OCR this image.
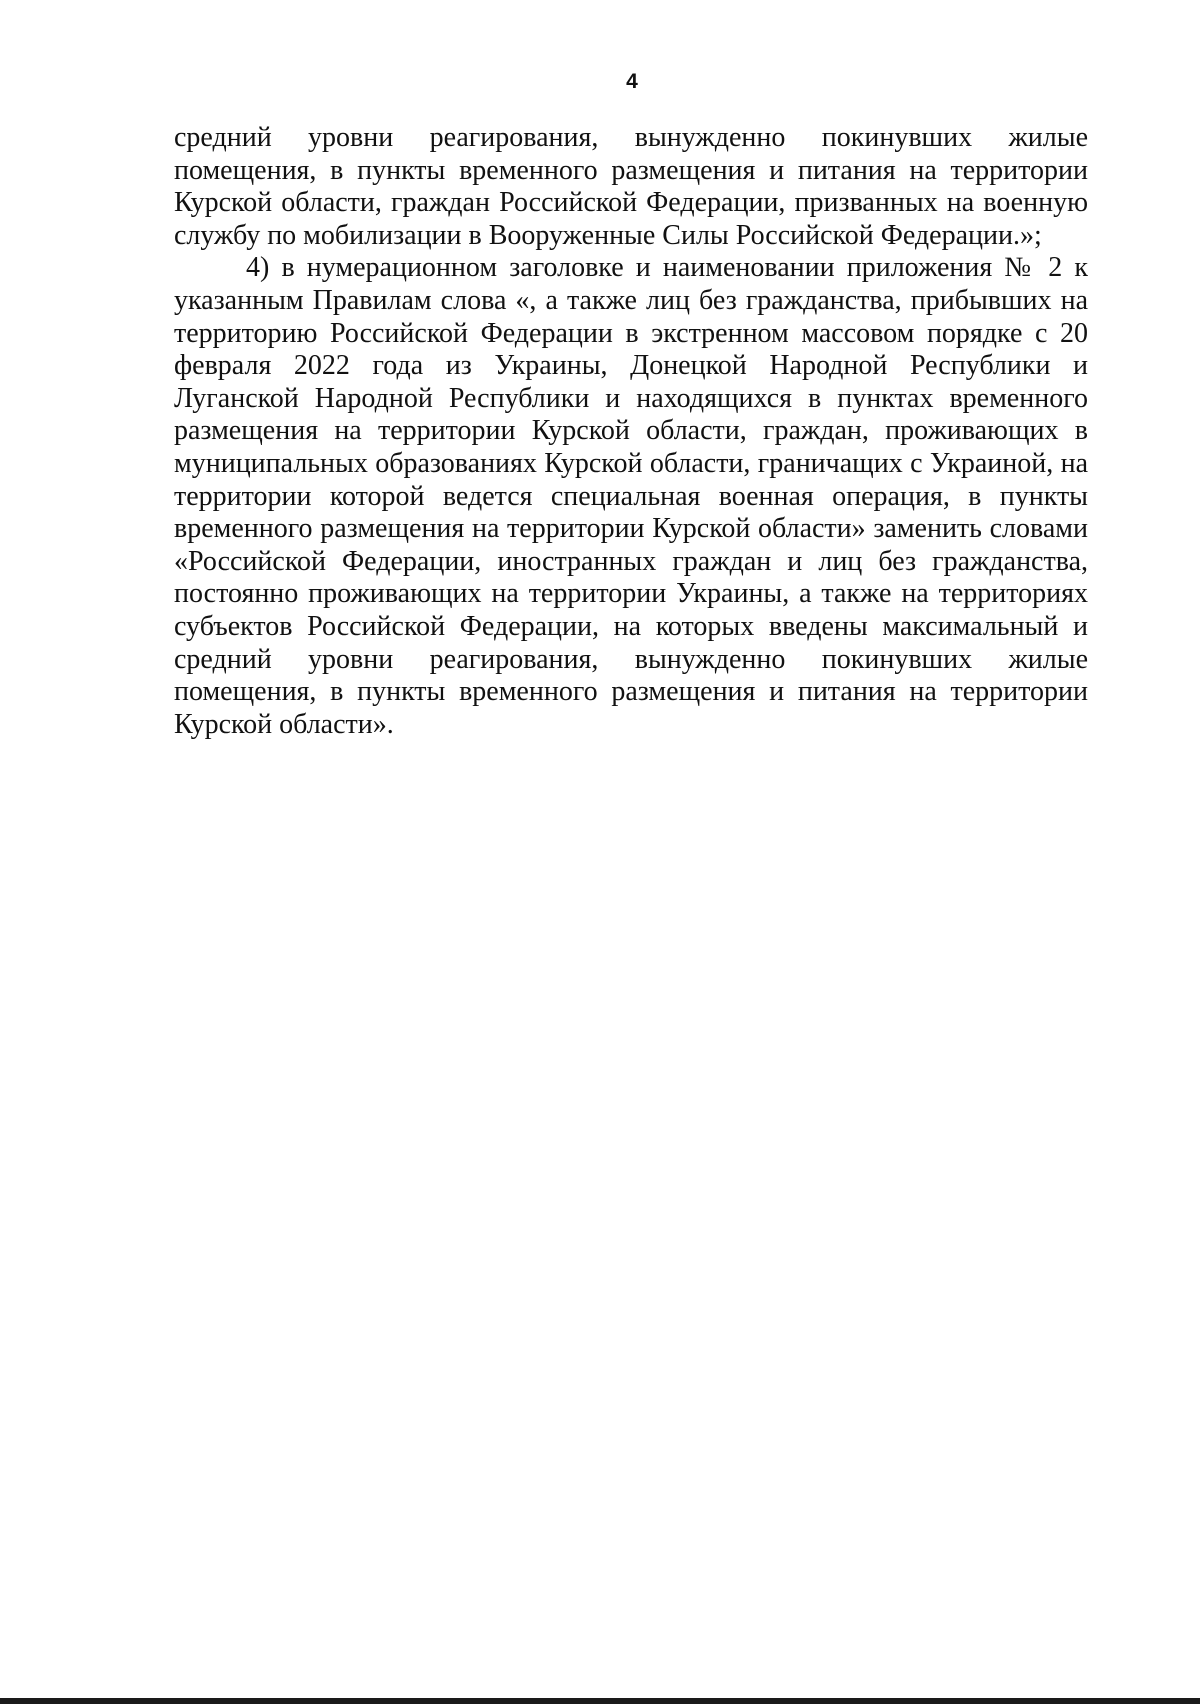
4

средний уровни реагирования, вынужденно покинувших жилые помещения, в пункты временного размещения и питания на территории Курской области, граждан Российской Федерации, призванных на военную службу по мобилизации в Вооруженные Силы Российской Федерации.»;

4) в нумерационном заголовке и наименовании приложения № 2 к указанным Правилам слова «, а также лиц без гражданства, прибывших на территорию Российской Федерации в экстренном массовом порядке с 20 февраля 2022 года из Украины, Донецкой Народной Республики и Луганской Народной Республики и находящихся в пунктах временного размещения на территории Курской области, граждан, проживающих в муниципальных образованиях Курской области, граничащих с Украиной, на территории которой ведется специальная военная операция, в пункты временного размещения на территории Курской области» заменить словами «Российской Федерации, иностранных граждан и лиц без гражданства, постоянно проживающих на территории Украины, а также на территориях субъектов Российской Федерации, на которых введены максимальный и средний уровни реагирования, вынужденно покинувших жилые помещения, в пункты временного размещения и питания на территории Курской области».
